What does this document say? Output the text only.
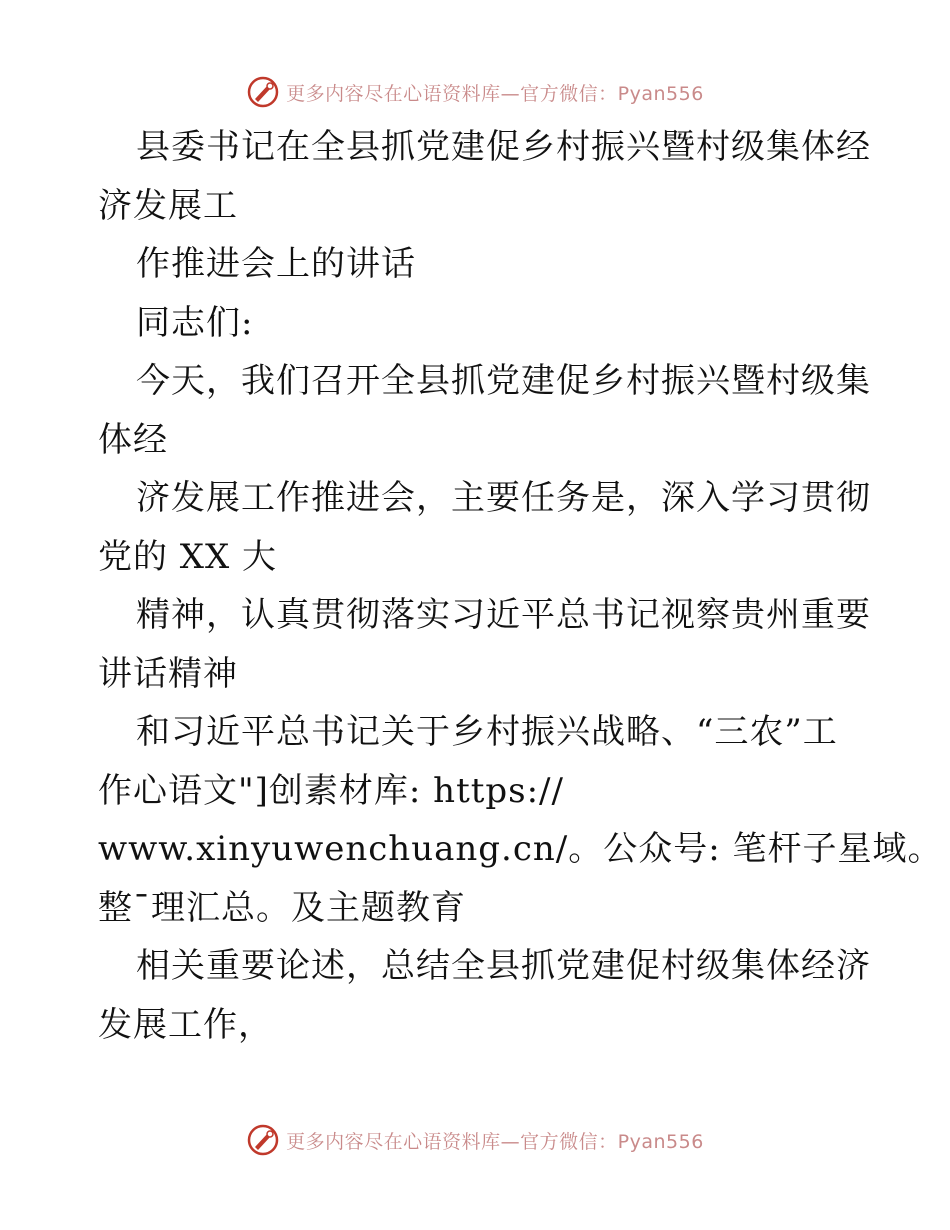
更多内容尽在心语资料库—官方微信：Pyan556
县委书记在全县抓党建促乡村振兴暨村级集体经
济发展工
作推进会上的讲话
同志们:
今天，我们召开全县抓党建促乡村振兴暨村级集
体经
济发展工作推进会，主要任务是，深入学习贯彻
党的 XX 大
精神，认真贯彻落实习近平总书记视察贵州重要
讲话精神
和习近平总书记关于乡村振兴战略、“三农”工
作心语文"]创素材库: https://
www.xinyuwenchuang.cn/。公众号: 笔杆子星域。
整¯理汇总。及主题教育
相关重要论述，总结全县抓党建促村级集体经济
发展工作，
更多内容尽在心语资料库—官方微信：Pyan556
